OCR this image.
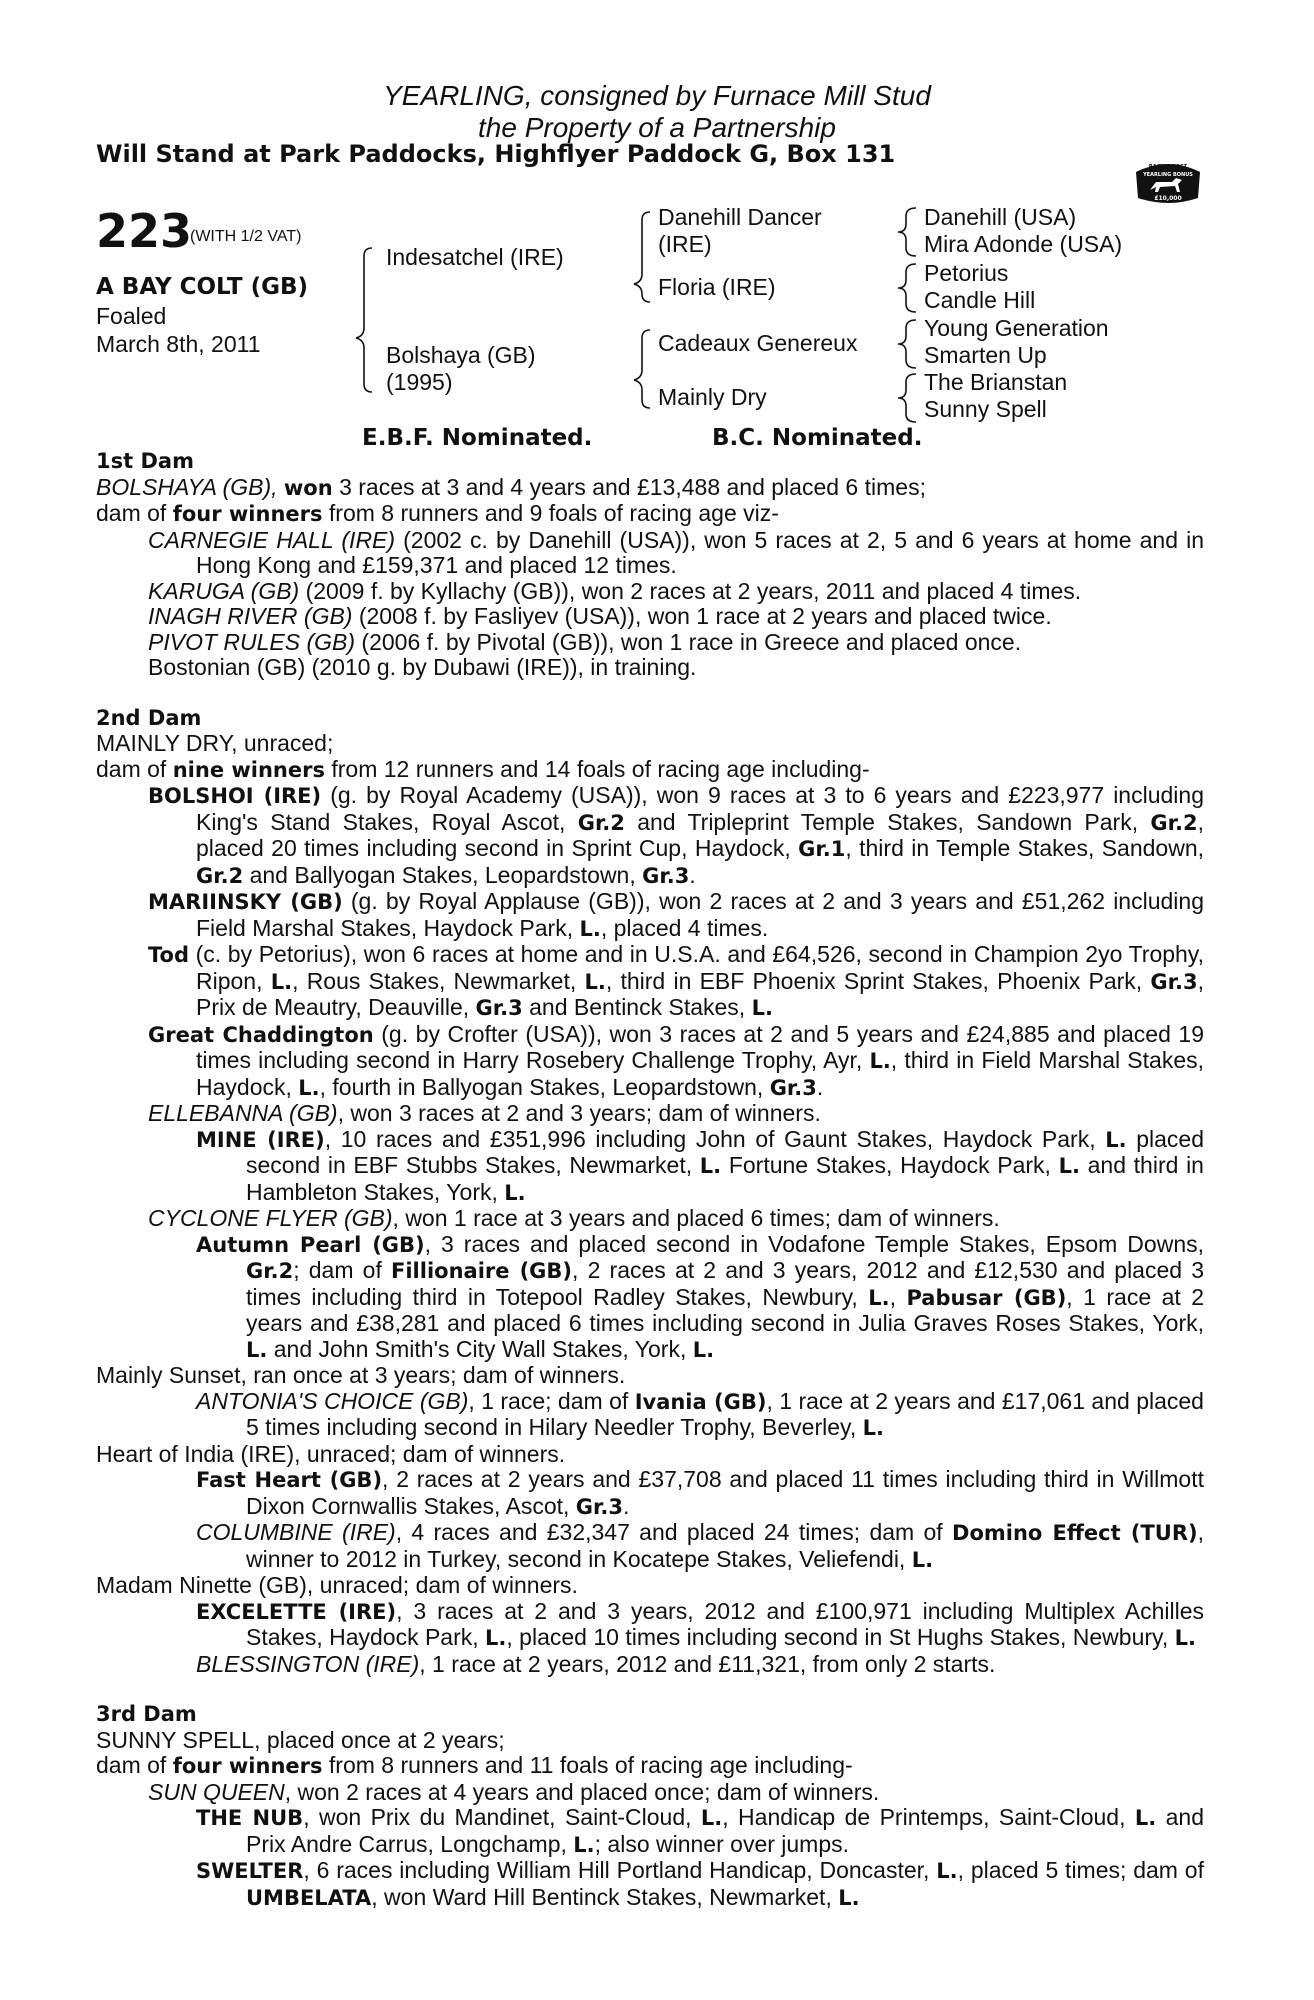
YEARLING, consigned by Furnace Mill Stud
the Property of a Partnership
Will Stand at Park Paddocks, Highflyer Paddock G, Box 131	RACING POST
YEARLING BONUS
£10,000
223
(WITH 1/2 VAT)
A BAY COLT (GB)
Foaled
March 8th, 2011
Indesatchel (IRE)
Bolshaya (GB)
(1995)
Danehill Dancer
(IRE)
Floria (IRE)
Cadeaux Genereux
Mainly Dry
Danehill (USA)
Mira Adonde (USA)
Petorius
Candle Hill
Young Generation
Smarten Up
The Brianstan
Sunny Spell
E.B.F. Nominated.	B.C. Nominated.

1st Dam

BOLSHAYA (GB), won 3 races at 3 and 4 years and £13,488 and placed 6 times;

dam of four winners from 8 runners and 9 foals of racing age viz-

CARNEGIE HALL (IRE) (2002 c. by Danehill (USA)), won 5 races at 2, 5 and 6 years at home and in Hong Kong and £159,371 and placed 12 times.

KARUGA (GB) (2009 f. by Kyllachy (GB)), won 2 races at 2 years, 2011 and placed 4 times.

INAGH RIVER (GB) (2008 f. by Fasliyev (USA)), won 1 race at 2 years and placed twice.

PIVOT RULES (GB) (2006 f. by Pivotal (GB)), won 1 race in Greece and placed once.

Bostonian (GB) (2010 g. by Dubawi (IRE)), in training.

2nd Dam

MAINLY DRY, unraced;

dam of nine winners from 12 runners and 14 foals of racing age including-

BOLSHOI (IRE) (g. by Royal Academy (USA)), won 9 races at 3 to 6 years and £223,977 including King's Stand Stakes, Royal Ascot, Gr.2 and Tripleprint Temple Stakes, Sandown Park, Gr.2, placed 20 times including second in Sprint Cup, Haydock, Gr.1, third in Temple Stakes, Sandown, Gr.2 and Ballyogan Stakes, Leopardstown, Gr.3.

MARIINSKY (GB) (g. by Royal Applause (GB)), won 2 races at 2 and 3 years and £51,262 including Field Marshal Stakes, Haydock Park, L., placed 4 times.

Tod (c. by Petorius), won 6 races at home and in U.S.A. and £64,526, second in Champion 2yo Trophy, Ripon, L., Rous Stakes, Newmarket, L., third in EBF Phoenix Sprint Stakes, Phoenix Park, Gr.3, Prix de Meautry, Deauville, Gr.3 and Bentinck Stakes, L.

Great Chaddington (g. by Crofter (USA)), won 3 races at 2 and 5 years and £24,885 and placed 19 times including second in Harry Rosebery Challenge Trophy, Ayr, L., third in Field Marshal Stakes, Haydock, L., fourth in Ballyogan Stakes, Leopardstown, Gr.3.

ELLEBANNA (GB), won 3 races at 2 and 3 years; dam of winners.

MINE (IRE), 10 races and £351,996 including John of Gaunt Stakes, Haydock Park, L. placed second in EBF Stubbs Stakes, Newmarket, L. Fortune Stakes, Haydock Park, L. and third in Hambleton Stakes, York, L.

CYCLONE FLYER (GB), won 1 race at 3 years and placed 6 times; dam of winners.

Autumn Pearl (GB), 3 races and placed second in Vodafone Temple Stakes, Epsom Downs, Gr.2; dam of Fillionaire (GB), 2 races at 2 and 3 years, 2012 and £12,530 and placed 3 times including third in Totepool Radley Stakes, Newbury, L., Pabusar (GB), 1 race at 2 years and £38,281 and placed 6 times including second in Julia Graves Roses Stakes, York, L. and John Smith's City Wall Stakes, York, L.

Mainly Sunset, ran once at 3 years; dam of winners.

ANTONIA'S CHOICE (GB), 1 race; dam of Ivania (GB), 1 race at 2 years and £17,061 and placed 5 times including second in Hilary Needler Trophy, Beverley, L.

Heart of India (IRE), unraced; dam of winners.

Fast Heart (GB), 2 races at 2 years and £37,708 and placed 11 times including third in Willmott Dixon Cornwallis Stakes, Ascot, Gr.3.

COLUMBINE (IRE), 4 races and £32,347 and placed 24 times; dam of Domino Effect (TUR), winner to 2012 in Turkey, second in Kocatepe Stakes, Veliefendi, L.

Madam Ninette (GB), unraced; dam of winners.

EXCELETTE (IRE), 3 races at 2 and 3 years, 2012 and £100,971 including Multiplex Achilles Stakes, Haydock Park, L., placed 10 times including second in St Hughs Stakes, Newbury, L.

BLESSINGTON (IRE), 1 race at 2 years, 2012 and £11,321, from only 2 starts.

3rd Dam

SUNNY SPELL, placed once at 2 years;

dam of four winners from 8 runners and 11 foals of racing age including-

SUN QUEEN, won 2 races at 4 years and placed once; dam of winners.

THE NUB, won Prix du Mandinet, Saint-Cloud, L., Handicap de Printemps, Saint-Cloud, L. and Prix Andre Carrus, Longchamp, L.; also winner over jumps.

SWELTER, 6 races including William Hill Portland Handicap, Doncaster, L., placed 5 times; dam of UMBELATA, won Ward Hill Bentinck Stakes, Newmarket, L.
